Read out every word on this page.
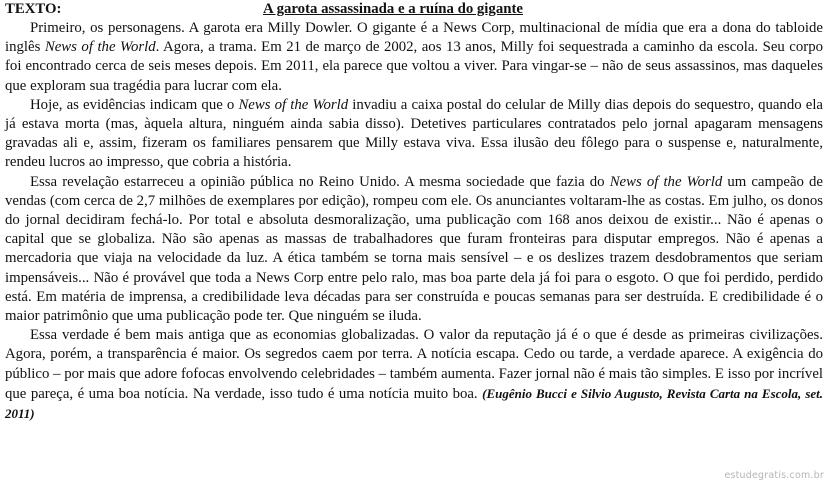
TEXTO:	A garota assassinada e a ruína do gigante

Primeiro, os personagens. A garota era Milly Dowler. O gigante é a News Corp, multinacional de mídia que era a dona do tabloide inglês News of the World. Agora, a trama. Em 21 de março de 2002, aos 13 anos, Milly foi sequestrada a caminho da escola. Seu corpo foi encontrado cerca de seis meses depois. Em 2011, ela parece que voltou a viver. Para vingar-se – não de seus assassinos, mas daqueles que exploram sua tragédia para lucrar com ela.

Hoje, as evidências indicam que o News of the World invadiu a caixa postal do celular de Milly dias depois do sequestro, quando ela já estava morta (mas, àquela altura, ninguém ainda sabia disso). Detetives particulares contratados pelo jornal apagaram mensagens gravadas ali e, assim, fizeram os familiares pensarem que Milly estava viva. Essa ilusão deu fôlego para o suspense e, naturalmente, rendeu lucros ao impresso, que cobria a história.

Essa revelação estarreceu a opinião pública no Reino Unido. A mesma sociedade que fazia do News of the World um campeão de vendas (com cerca de 2,7 milhões de exemplares por edição), rompeu com ele. Os anunciantes voltaram-lhe as costas. Em julho, os donos do jornal decidiram fechá-lo. Por total e absoluta desmoralização, uma publicação com 168 anos deixou de existir... Não é apenas o capital que se globaliza. Não são apenas as massas de trabalhadores que furam fronteiras para disputar empregos. Não é apenas a mercadoria que viaja na velocidade da luz. A ética também se torna mais sensível – e os deslizes trazem desdobramentos que seriam impensáveis... Não é provável que toda a News Corp entre pelo ralo, mas boa parte dela já foi para o esgoto. O que foi perdido, perdido está. Em matéria de imprensa, a credibilidade leva décadas para ser construída e poucas semanas para ser destruída. E credibilidade é o maior patrimônio que uma publicação pode ter. Que ninguém se iluda.

Essa verdade é bem mais antiga que as economias globalizadas. O valor da reputação já é o que é desde as primeiras civilizações. Agora, porém, a transparência é maior. Os segredos caem por terra. A notícia escapa. Cedo ou tarde, a verdade aparece. A exigência do público – por mais que adore fofocas envolvendo celebridades – também aumenta. Fazer jornal não é mais tão simples. E isso por incrível que pareça, é uma boa notícia. Na verdade, isso tudo é uma notícia muito boa. (Eugênio Bucci e Silvio Augusto, Revista Carta na Escola, set. 2011)

estudegratis.com.br
